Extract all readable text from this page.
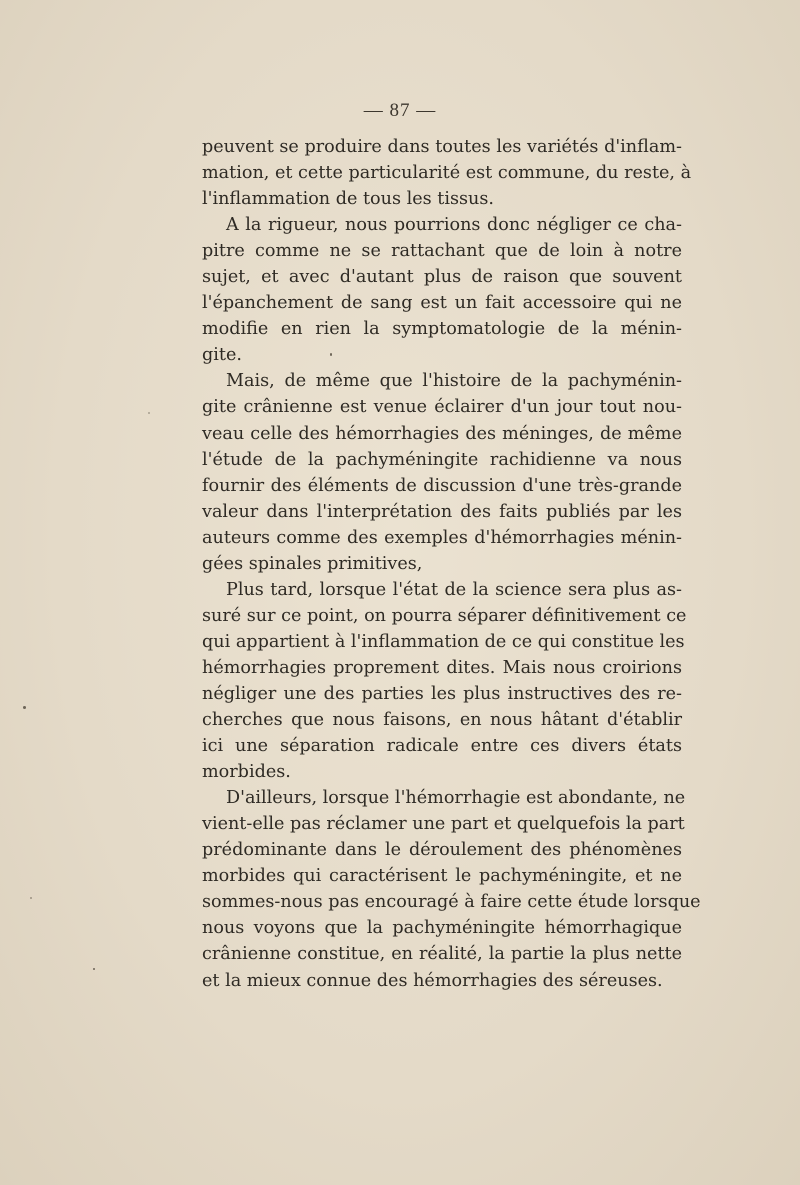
— 87 —
peuvent se produire dans toutes les variétés d'inflam-
mation, et cette particularité est commune, du reste, à
l'inflammation de tous les tissus.
A la rigueur, nous pourrions donc négliger ce cha-
pitre comme ne se rattachant que de loin à notre
sujet, et avec d'autant plus de raison que souvent
l'épanchement de sang est un fait accessoire qui ne
modifie en rien la symptomatologie de la ménin-
gite.
Mais, de même que l'histoire de la pachyménin-
gite crânienne est venue éclairer d'un jour tout nou-
veau celle des hémorrhagies des méninges, de même
l'étude de la pachyméningite rachidienne va nous
fournir des éléments de discussion d'une très-grande
valeur dans l'interprétation des faits publiés par les
auteurs comme des exemples d'hémorrhagies ménin-
gées spinales primitives,
Plus tard, lorsque l'état de la science sera plus as-
suré sur ce point, on pourra séparer définitivement ce
qui appartient à l'inflammation de ce qui constitue les
hémorrhagies proprement dites. Mais nous croirions
négliger une des parties les plus instructives des re-
cherches que nous faisons, en nous hâtant d'établir
ici une séparation radicale entre ces divers états
morbides.
D'ailleurs, lorsque l'hémorrhagie est abondante, ne
vient-elle pas réclamer une part et quelquefois la part
prédominante dans le déroulement des phénomènes
morbides qui caractérisent le pachyméningite, et ne
sommes-nous pas encouragé à faire cette étude lorsque
nous voyons que la pachyméningite hémorrhagique
crânienne constitue, en réalité, la partie la plus nette
et la mieux connue des hémorrhagies des séreuses.
